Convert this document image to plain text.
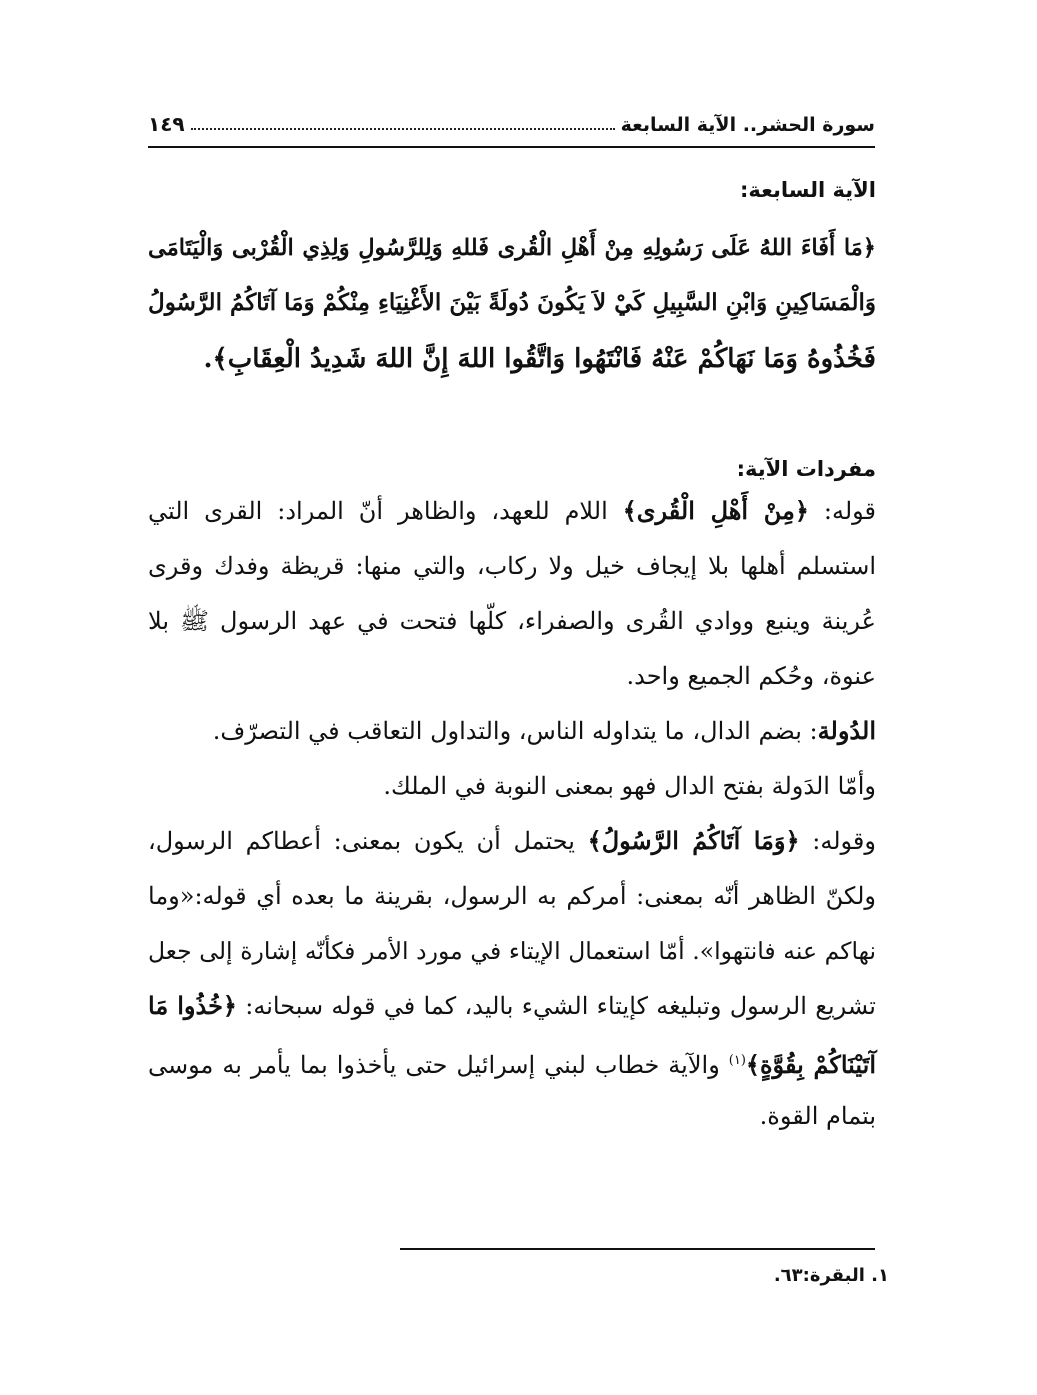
سورة الحشر.. الآية السابعة
١٤٩
الآية السابعة:
﴿مَا أَفَاءَ اللهُ عَلَى رَسُولِهِ مِنْ أَهْلِ الْقُرى فَللهِ وَلِلرَّسُولِ وَلِذِي الْقُرْبى وَالْيَتَامَى
وَالْمَسَاكِينِ وَابْنِ السَّبِيلِ كَيْ لاَ يَكُونَ دُولَةً بَيْنَ الأَغْنِيَاءِ مِنْكُمْ وَمَا آتَاكُمُ الرَّسُولُ
فَخُذُوهُ وَمَا نَهَاكُمْ عَنْهُ فَانْتَهُوا وَاتَّقُوا اللهَ إِنَّ اللهَ شَدِيدُ الْعِقَابِ﴾.
مفردات الآية:
قوله: ﴿مِنْ أَهْلِ الْقُرى﴾ اللام للعهد، والظاهر أنّ المراد: القرى التي
استسلم أهلها بلا إيجاف خيل ولا ركاب، والتي منها: قريظة وفدك وقرى
عُرينة وينبع ووادي القُرى والصفراء، كلّها فتحت في عهد الرسول ﷺ بلا
عنوة، وحُكم الجميع واحد.
الدُولة: بضم الدال، ما يتداوله الناس، والتداول التعاقب في التصرّف.
وأمّا الدَولة بفتح الدال فهو بمعنى النوبة في الملك.
وقوله: ﴿وَمَا آتَاكُمُ الرَّسُولُ﴾ يحتمل أن يكون بمعنى: أعطاكم الرسول،
ولكنّ الظاهر أنّه بمعنى: أمركم به الرسول، بقرينة ما بعده أي قوله:«وما
نهاكم عنه فانتهوا». أمّا استعمال الإيتاء في مورد الأمر فكأنّه إشارة إلى جعل
تشريع الرسول وتبليغه كإيتاء الشيء باليد، كما في قوله سبحانه: ﴿خُذُوا مَا
آتَيْنَاكُمْ بِقُوَّةٍ﴾$^{(١)}$ والآية خطاب لبني إسرائيل حتى يأخذوا بما يأمر به موسى
بتمام القوة.
١. البقرة:٦٣.
